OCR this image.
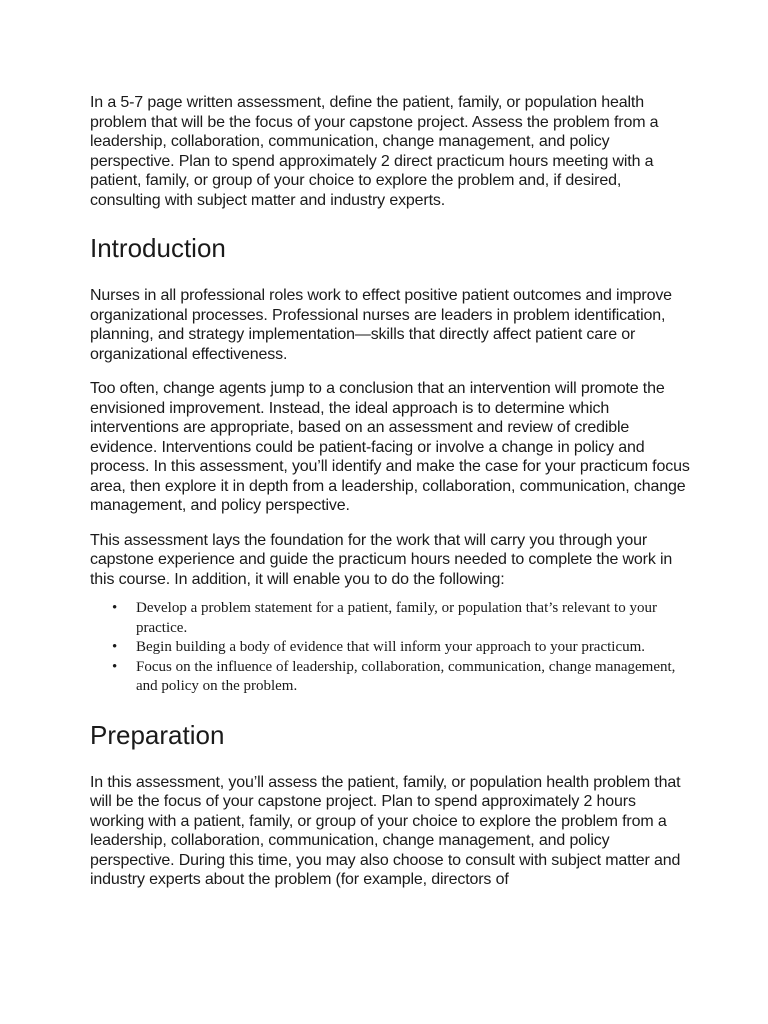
In a 5-7 page written assessment, define the patient, family, or population health problem that will be the focus of your capstone project. Assess the problem from a leadership, collaboration, communication, change management, and policy perspective. Plan to spend approximately 2 direct practicum hours meeting with a patient, family, or group of your choice to explore the problem and, if desired, consulting with subject matter and industry experts.

Introduction

Nurses in all professional roles work to effect positive patient outcomes and improve organizational processes. Professional nurses are leaders in problem identification, planning, and strategy implementation—skills that directly affect patient care or organizational effectiveness.

Too often, change agents jump to a conclusion that an intervention will promote the envisioned improvement. Instead, the ideal approach is to determine which interventions are appropriate, based on an assessment and review of credible evidence. Interventions could be patient-facing or involve a change in policy and process. In this assessment, you’ll identify and make the case for your practicum focus area, then explore it in depth from a leadership, collaboration, communication, change management, and policy perspective.

This assessment lays the foundation for the work that will carry you through your capstone experience and guide the practicum hours needed to complete the work in this course. In addition, it will enable you to do the following:

• Develop a problem statement for a patient, family, or population that’s relevant to your practice.
• Begin building a body of evidence that will inform your approach to your practicum.
• Focus on the influence of leadership, collaboration, communication, change management, and policy on the problem.
Preparation

In this assessment, you’ll assess the patient, family, or population health problem that will be the focus of your capstone project. Plan to spend approximately 2 hours working with a patient, family, or group of your choice to explore the problem from a leadership, collaboration, communication, change management, and policy perspective. During this time, you may also choose to consult with subject matter and industry experts about the problem (for example, directors of
